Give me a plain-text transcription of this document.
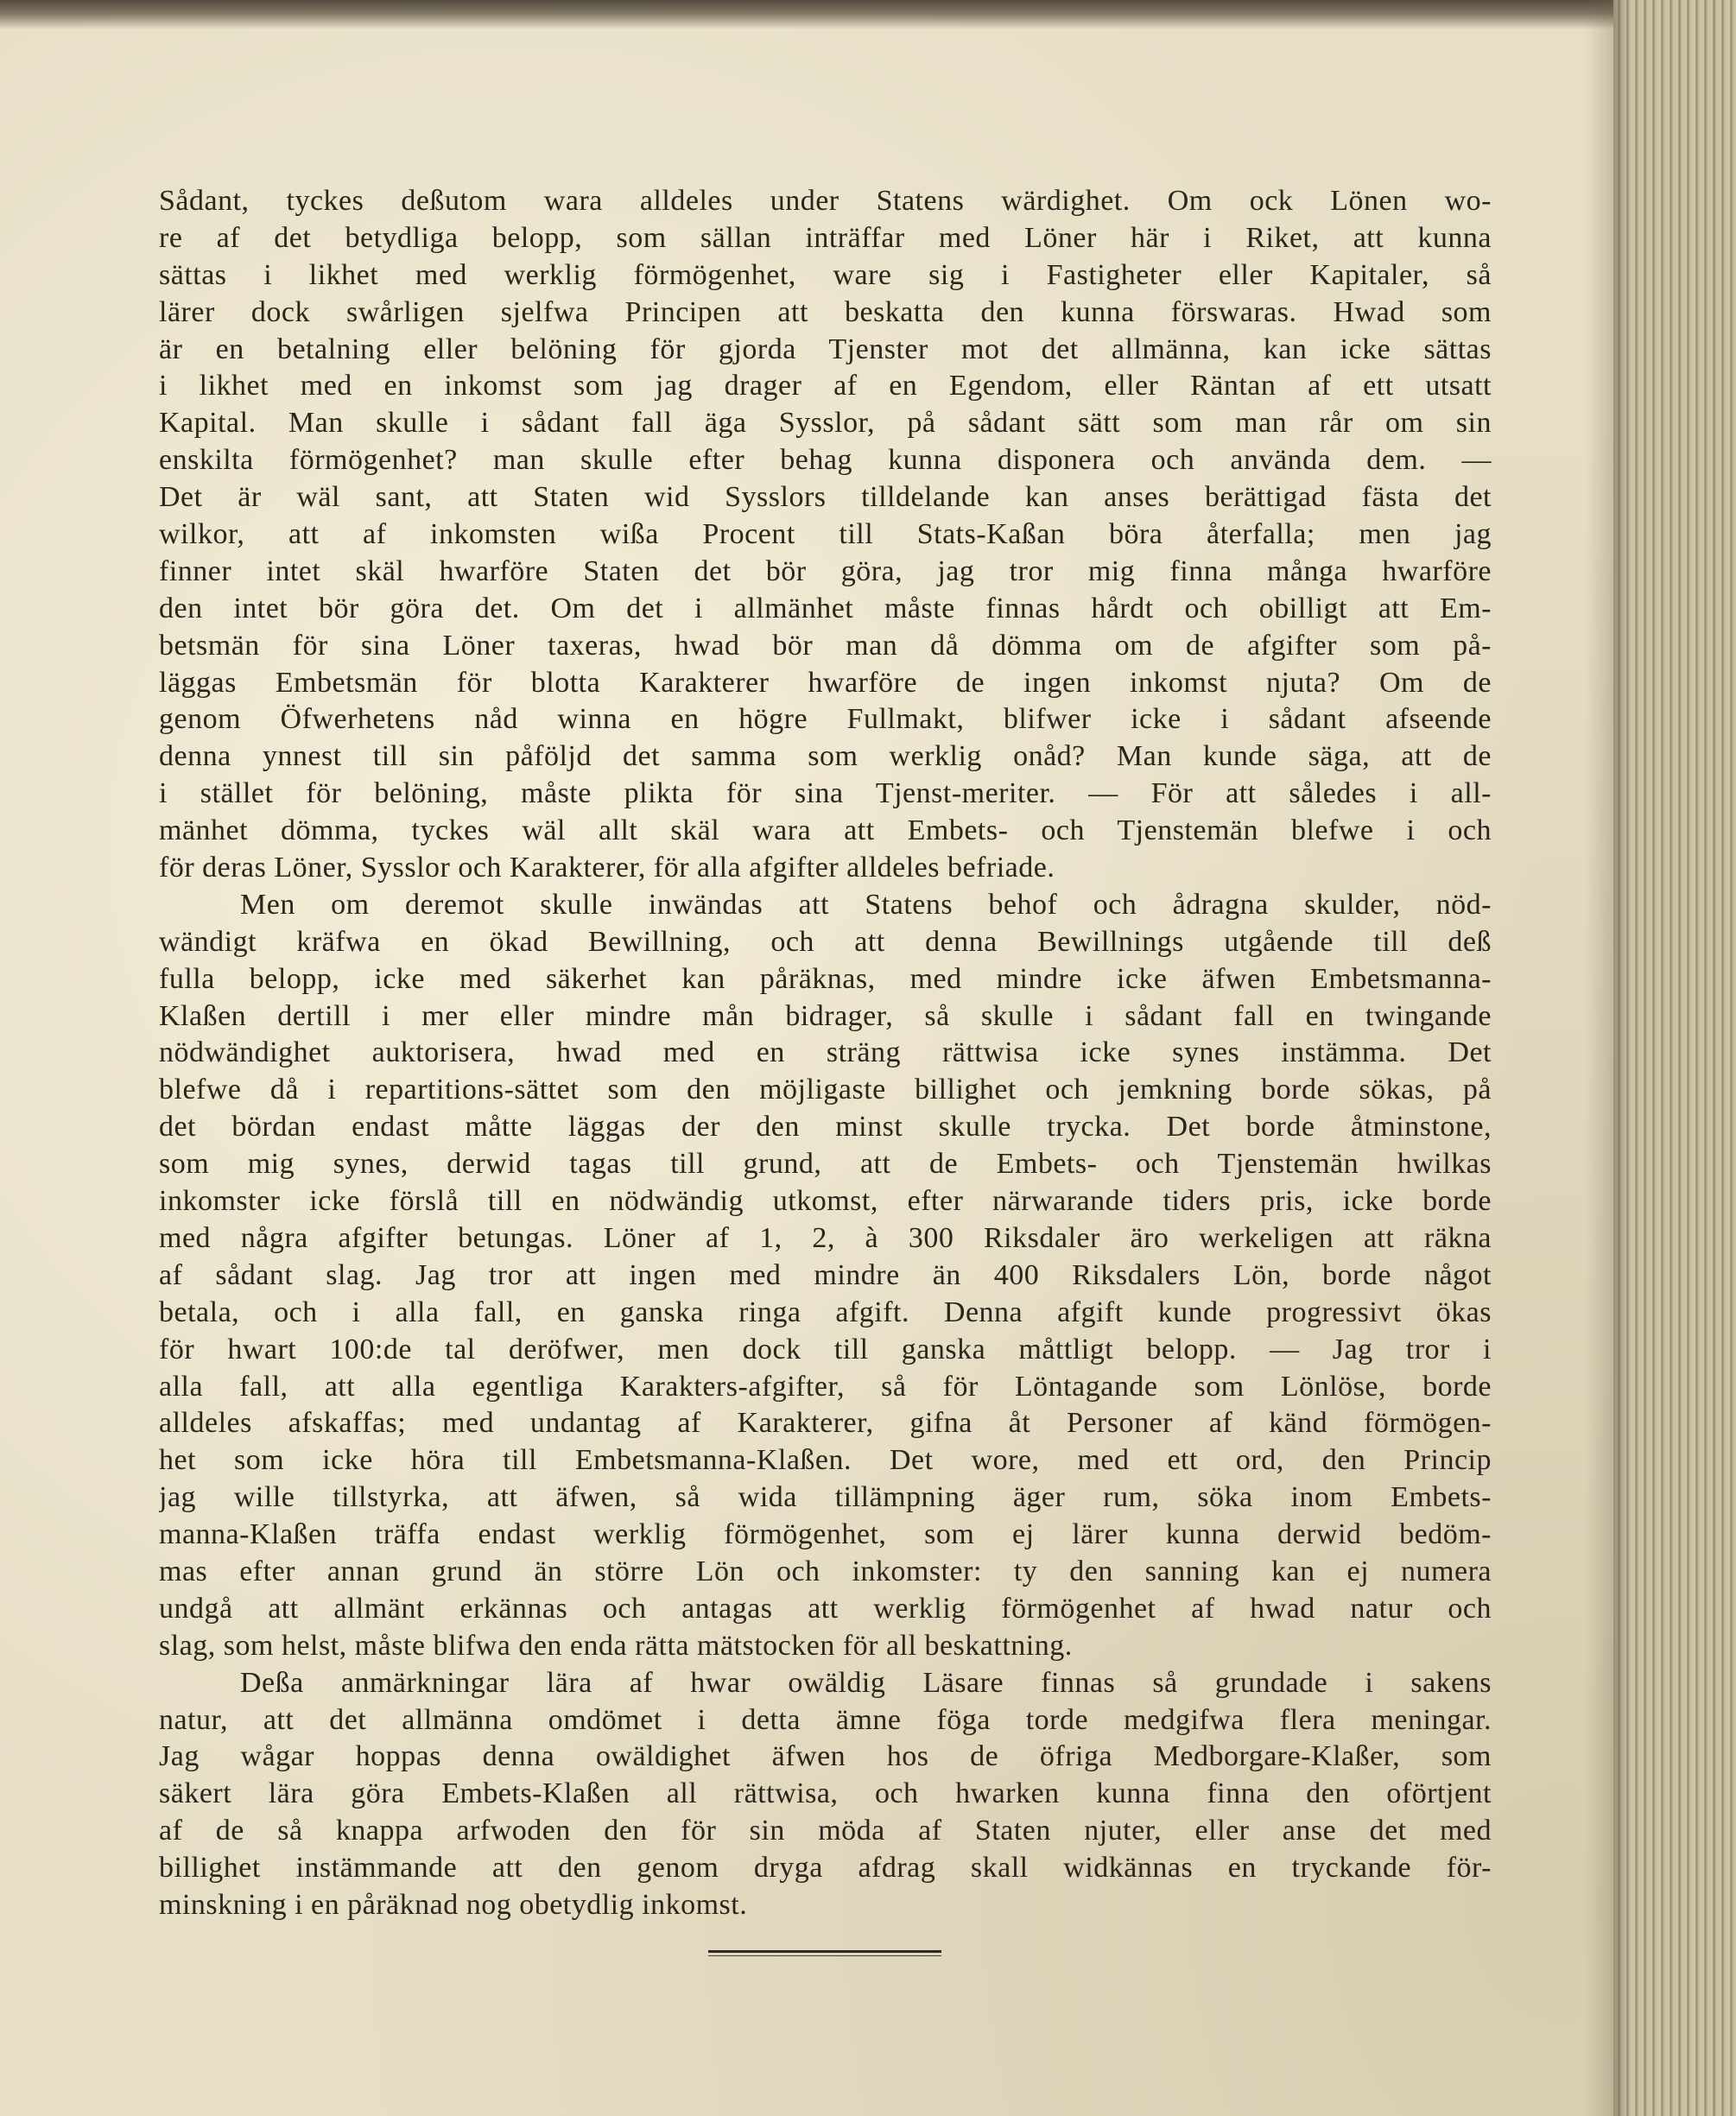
Sådant, tyckes deßutom wara alldeles under Statens wärdighet. Om ock Lönen wo-
re af det betydliga belopp, som sällan inträffar med Löner här i Riket, att kunna
sättas i likhet med werklig förmögenhet, ware sig i Fastigheter eller Kapitaler, så
lärer dock swårligen sjelfwa Principen att beskatta den kunna förswaras. Hwad som
är en betalning eller belöning för gjorda Tjenster mot det allmänna, kan icke sättas
i likhet med en inkomst som jag drager af en Egendom, eller Räntan af ett utsatt
Kapital. Man skulle i sådant fall äga Sysslor, på sådant sätt som man rår om sin
enskilta förmögenhet? man skulle efter behag kunna disponera och använda dem. —
Det är wäl sant, att Staten wid Sysslors tilldelande kan anses berättigad fästa det
wilkor, att af inkomsten wißa Procent till Stats-Kaßan böra återfalla; men jag
finner intet skäl hwarföre Staten det bör göra, jag tror mig finna många hwarföre
den intet bör göra det. Om det i allmänhet måste finnas hårdt och obilligt att Em-
betsmän för sina Löner taxeras, hwad bör man då dömma om de afgifter som på-
läggas Embetsmän för blotta Karakterer hwarföre de ingen inkomst njuta? Om de
genom Öfwerhetens nåd winna en högre Fullmakt, blifwer icke i sådant afseende
denna ynnest till sin påföljd det samma som werklig onåd? Man kunde säga, att de
i stället för belöning, måste plikta för sina Tjenst-meriter. — För att således i all-
mänhet dömma, tyckes wäl allt skäl wara att Embets- och Tjenstemän blefwe i och
för deras Löner, Sysslor och Karakterer, för alla afgifter alldeles befriade.
Men om deremot skulle inwändas att Statens behof och ådragna skulder, nöd-
wändigt kräfwa en ökad Bewillning, och att denna Bewillnings utgående till deß
fulla belopp, icke med säkerhet kan påräknas, med mindre icke äfwen Embetsmanna-
Klaßen dertill i mer eller mindre mån bidrager, så skulle i sådant fall en twingande
nödwändighet auktorisera, hwad med en sträng rättwisa icke synes instämma. Det
blefwe då i repartitions-sättet som den möjligaste billighet och jemkning borde sökas, på
det bördan endast måtte läggas der den minst skulle trycka. Det borde åtminstone,
som mig synes, derwid tagas till grund, att de Embets- och Tjenstemän hwilkas
inkomster icke förslå till en nödwändig utkomst, efter närwarande tiders pris, icke borde
med några afgifter betungas. Löner af 1, 2, à 300 Riksdaler äro werkeligen att räkna
af sådant slag. Jag tror att ingen med mindre än 400 Riksdalers Lön, borde något
betala, och i alla fall, en ganska ringa afgift. Denna afgift kunde progressivt ökas
för hwart 100:de tal deröfwer, men dock till ganska måttligt belopp. — Jag tror i
alla fall, att alla egentliga Karakters-afgifter, så för Löntagande som Lönlöse, borde
alldeles afskaffas; med undantag af Karakterer, gifna åt Personer af känd förmögen-
het som icke höra till Embetsmanna-Klaßen. Det wore, med ett ord, den Princip
jag wille tillstyrka, att äfwen, så wida tillämpning äger rum, söka inom Embets-
manna-Klaßen träffa endast werklig förmögenhet, som ej lärer kunna derwid bedöm-
mas efter annan grund än större Lön och inkomster: ty den sanning kan ej numera
undgå att allmänt erkännas och antagas att werklig förmögenhet af hwad natur och
slag, som helst, måste blifwa den enda rätta mätstocken för all beskattning.
Deßa anmärkningar lära af hwar owäldig Läsare finnas så grundade i sakens
natur, att det allmänna omdömet i detta ämne föga torde medgifwa flera meningar.
Jag wågar hoppas denna owäldighet äfwen hos de öfriga Medborgare-Klaßer, som
säkert lära göra Embets-Klaßen all rättwisa, och hwarken kunna finna den oförtjent
af de så knappa arfwoden den för sin möda af Staten njuter, eller anse det med
billighet instämmande att den genom dryga afdrag skall widkännas en tryckande för-
minskning i en påräknad nog obetydlig inkomst.
